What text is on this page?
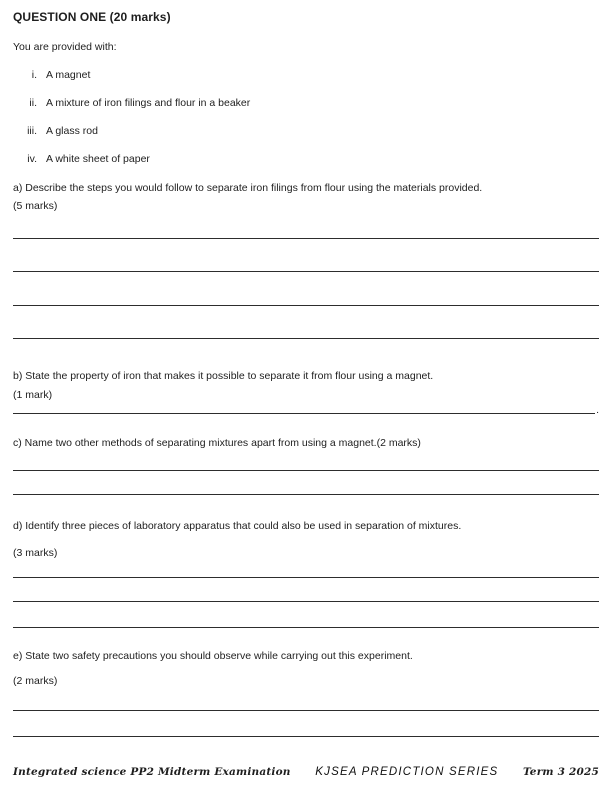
QUESTION ONE (20 marks)
You are provided with:
i. A magnet
ii. A mixture of iron filings and flour in a beaker
iii. A glass rod
iv. A white sheet of paper
a) Describe the steps you would follow to separate iron filings from flour using the materials provided.
(5 marks)
b) State the property of iron that makes it possible to separate it from flour using a magnet.
(1 mark)
.
c) Name two other methods of separating mixtures apart from using a magnet.(2 marks)
d) Identify three pieces of laboratory apparatus that could also be used in separation of mixtures.
(3 marks)
e) State two safety precautions you should observe while carrying out this experiment.
(2 marks)
Integrated science PP2 Midterm Examination KJSEA PREDICTION SERIES Term 3 2025
